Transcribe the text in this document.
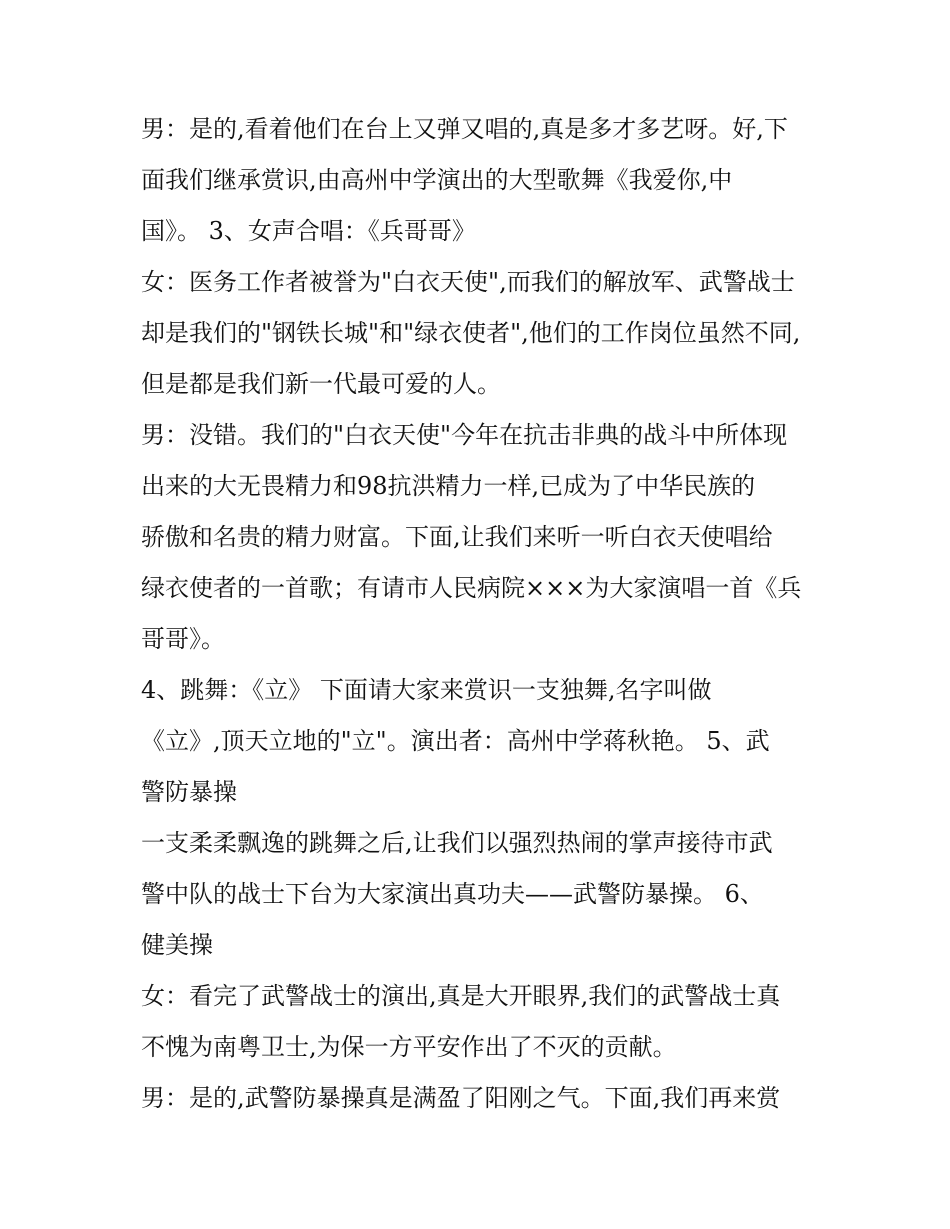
男：是的,看着他们在台上又弹又唱的,真是多才多艺呀。好,下
面我们继承赏识,由高州中学演出的大型歌舞《我爱你,中
国》。 3、女声合唱：《兵哥哥》
女：医务工作者被誉为"白衣天使",而我们的解放军、武警战士
却是我们的"钢铁长城"和"绿衣使者",他们的工作岗位虽然不同,
但是都是我们新一代最可爱的人。
男：没错。我们的"白衣天使"今年在抗击非典的战斗中所体现
出来的大无畏精力和98抗洪精力一样,已成为了中华民族的
骄傲和名贵的精力财富。下面,让我们来听一听白衣天使唱给
绿衣使者的一首歌；有请市人民病院×××为大家演唱一首《兵
哥哥》。
4、跳舞：《立》 下面请大家来赏识一支独舞,名字叫做
《立》,顶天立地的"立"。演出者：高州中学蒋秋艳。 5、武
警防暴操
一支柔柔飘逸的跳舞之后,让我们以强烈热闹的掌声接待市武
警中队的战士下台为大家演出真功夫——武警防暴操。 6、
健美操
女：看完了武警战士的演出,真是大开眼界,我们的武警战士真
不愧为南粤卫士,为保一方平安作出了不灭的贡献。
男：是的,武警防暴操真是满盈了阳刚之气。下面,我们再来赏
